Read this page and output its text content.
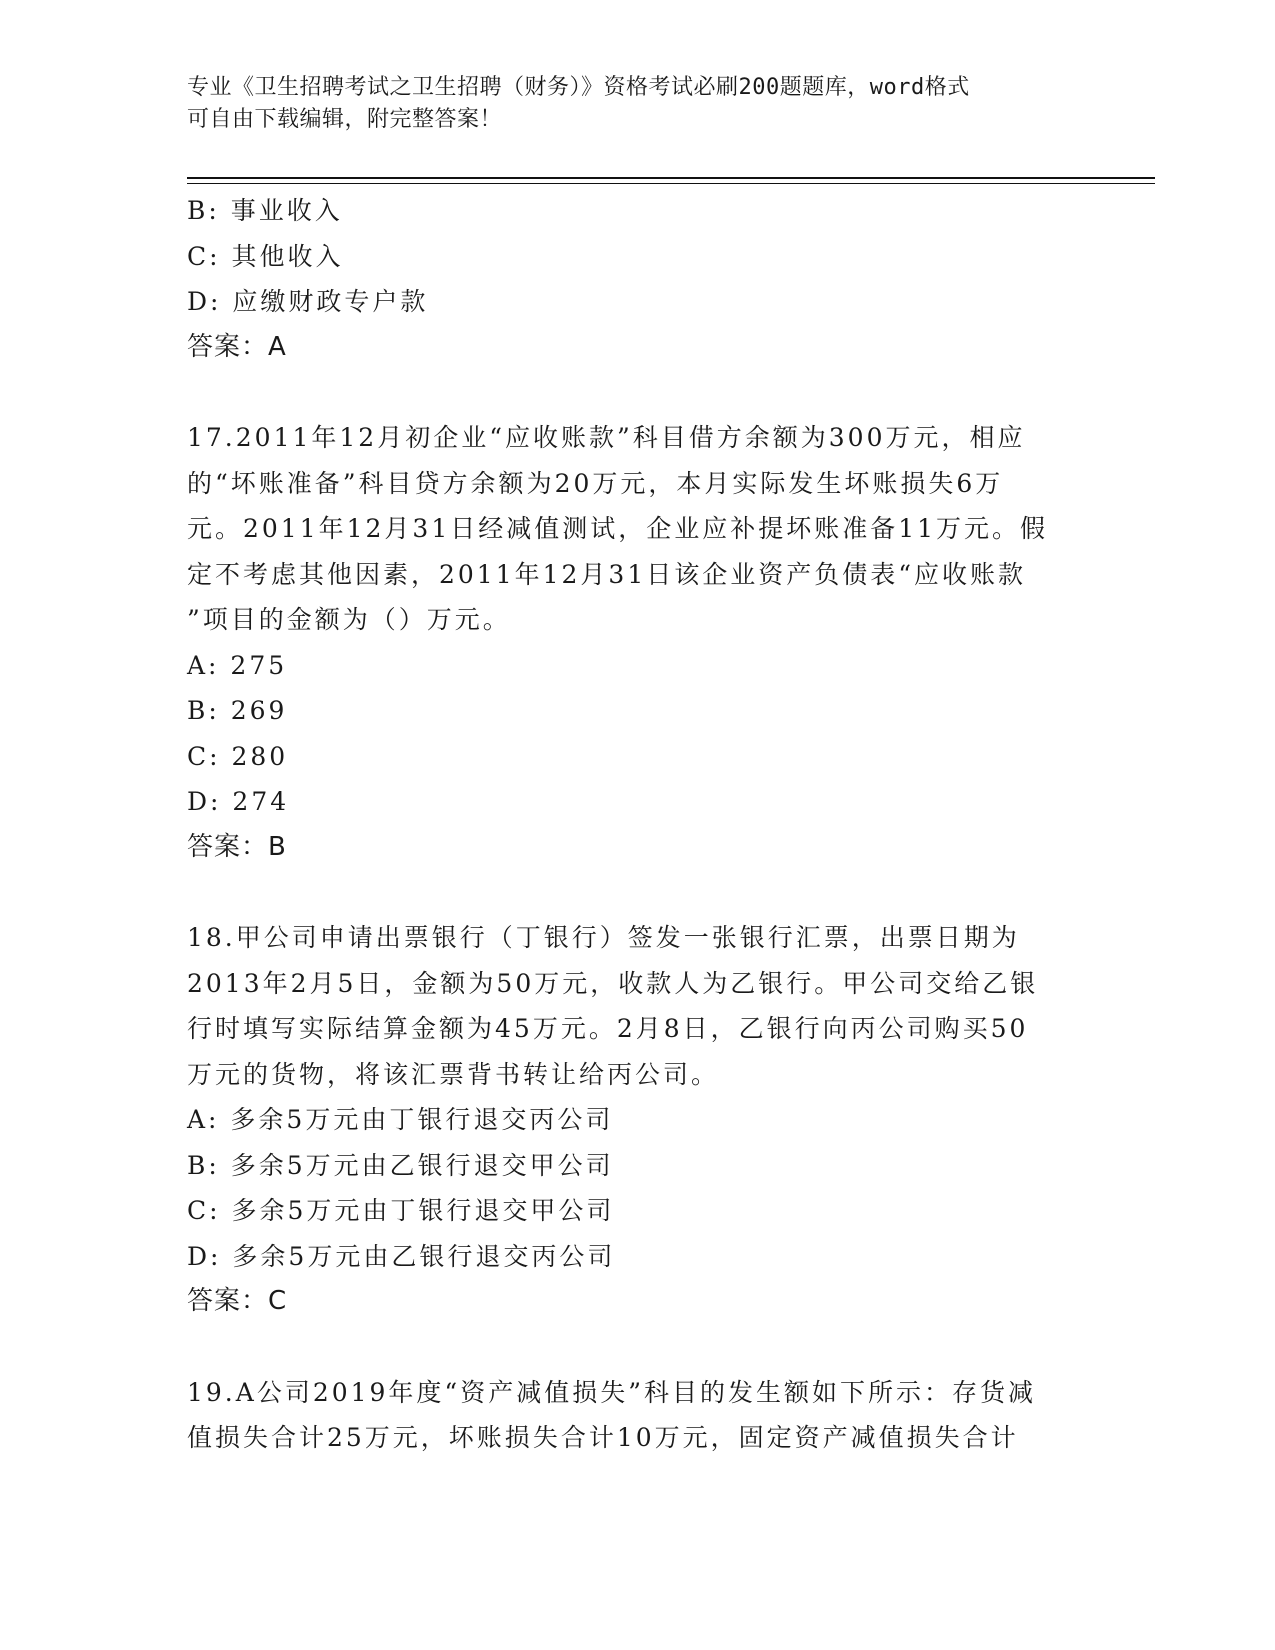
专业《卫生招聘考试之卫生招聘（财务）》资格考试必刷200题题库，word格式
可自由下载编辑，附完整答案！
B: 事业收入
C: 其他收入
D: 应缴财政专户款
答案：A
17.2011年12月初企业“应收账款”科目借方余额为300万元，相应
的“坏账准备”科目贷方余额为20万元，本月实际发生坏账损失6万
元。2011年12月31日经减值测试，企业应补提坏账准备11万元。假
定不考虑其他因素，2011年12月31日该企业资产负债表“应收账款
”项目的金额为（）万元。
A: 275
B: 269
C: 280
D: 274
答案：B
18.甲公司申请出票银行（丁银行）签发一张银行汇票，出票日期为
2013年2月5日，金额为50万元，收款人为乙银行。甲公司交给乙银
行时填写实际结算金额为45万元。2月8日，乙银行向丙公司购买50
万元的货物，将该汇票背书转让给丙公司。
A: 多余5万元由丁银行退交丙公司
B: 多余5万元由乙银行退交甲公司
C: 多余5万元由丁银行退交甲公司
D: 多余5万元由乙银行退交丙公司
答案：C
19.A公司2019年度“资产减值损失”科目的发生额如下所示：存货减
值损失合计25万元，坏账损失合计10万元，固定资产减值损失合计
